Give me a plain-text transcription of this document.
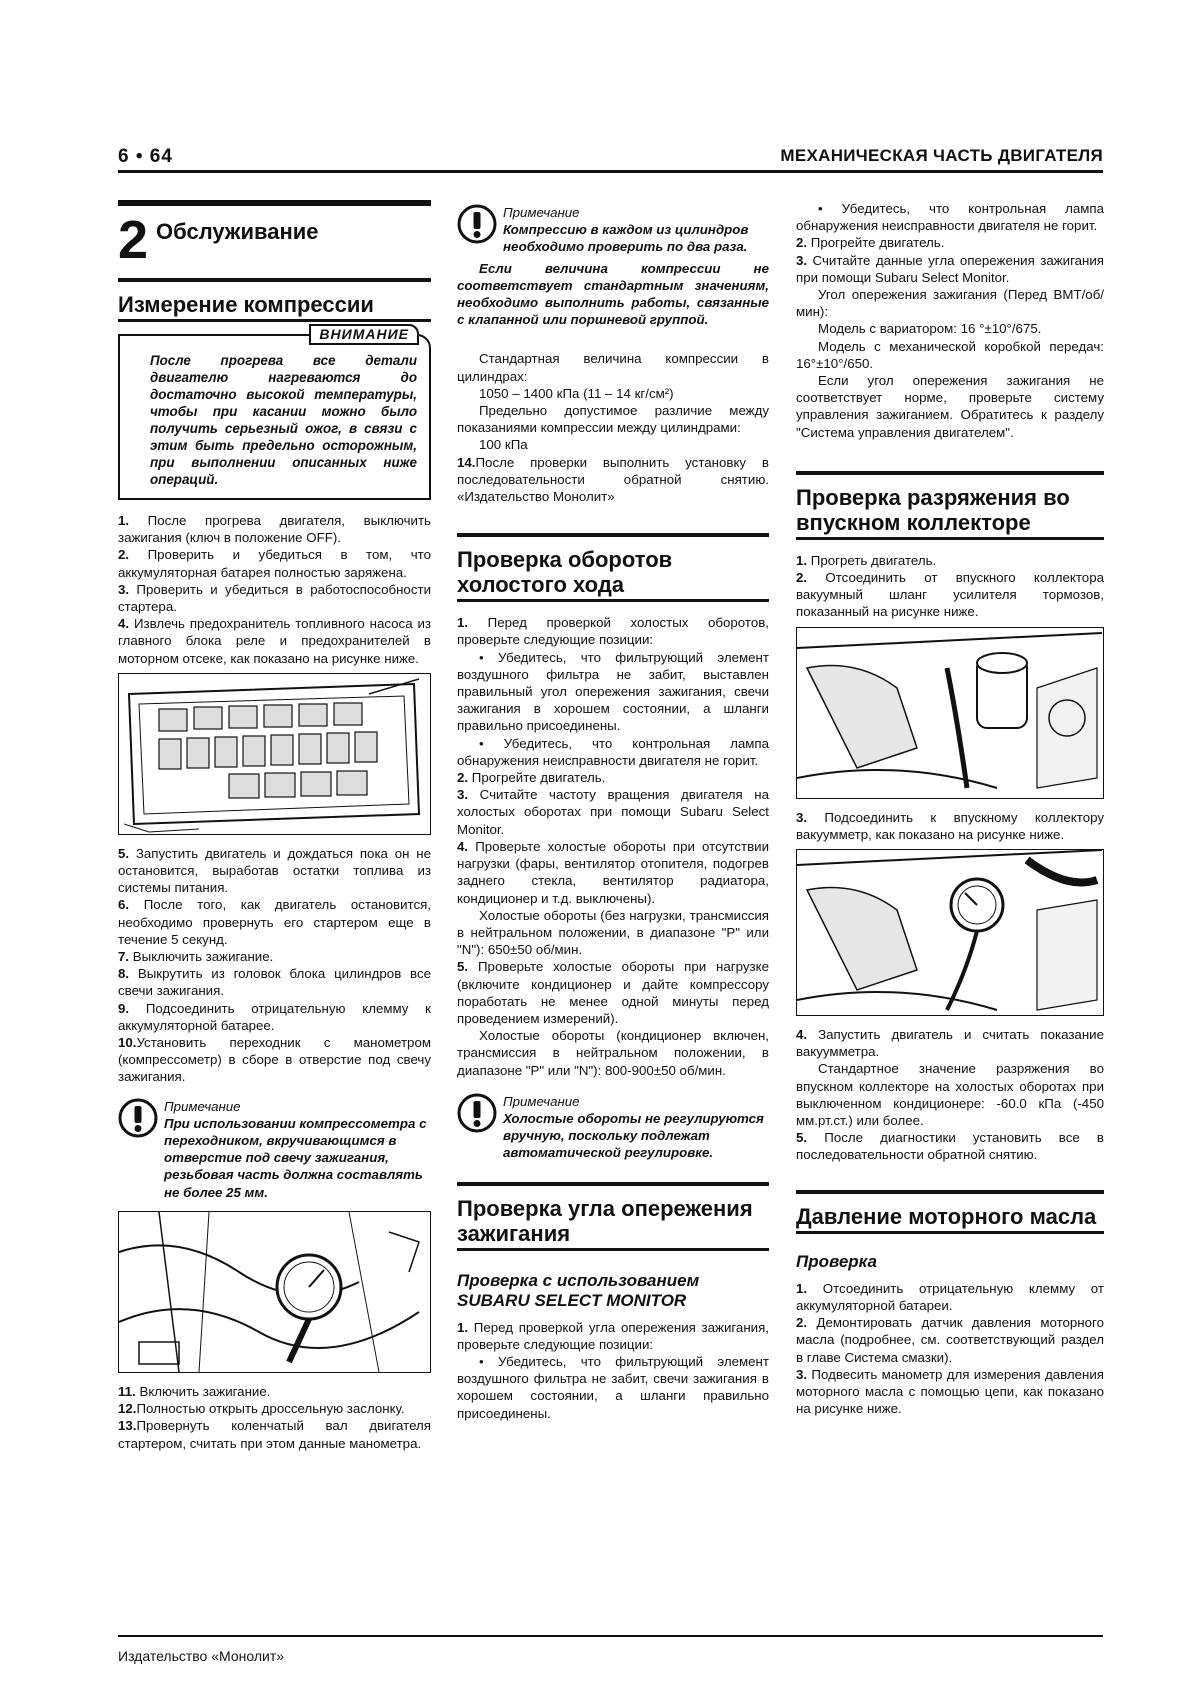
6 • 64	МЕХАНИЧЕСКАЯ ЧАСТЬ ДВИГАТЕЛЯ
2 Обслуживание
Измерение компрессии
ВНИМАНИЕ

После прогрева все детали двигателю нагреваются до достаточно высокой температуры, чтобы при касании можно было получить серьезный ожог, в связи с этим быть предельно осторожным, при выполнении описанных ниже операций.

1. После прогрева двигателя, выключить зажигания (ключ в положение OFF).

2. Проверить и убедиться в том, что аккумуляторная батарея полностью заряжена.

3. Проверить и убедиться в работоспособности стартера.

4. Извлечь предохранитель топливного насоса из главного блока реле и предохранителей в моторном отсеке, как показано на рисунке ниже.

5. Запустить двигатель и дождаться пока он не остановится, выработав остатки топлива из системы питания.

6. После того, как двигатель остановится, необходимо провернуть его стартером еще в течение 5 секунд.

7. Выключить зажигание.

8. Выкрутить из головок блока цилиндров все свечи зажигания.

9. Подсоединить отрицательную клемму к аккумуляторной батарее.

10.Установить переходник с манометром (компрессометр) в сборе в отверстие под свечу зажигания.

Примечание
При использовании компрессометра с переходником, вкручивающимся в отверстие под свечу зажигания, резьбовая часть должна составлять не более 25 мм.

11. Включить зажигание.

12.Полностью открыть дроссельную заслонку.

13.Провернуть коленчатый вал двигателя стартером, считать при этом данные манометра.

Примечание
Компрессию в каждом из цилиндров необходимо проверить по два раза.

Если величина компрессии не соответствует стандартным значениям, необходимо выполнить работы, связанные с клапанной или поршневой группой.

Стандартная величина компрессии в цилиндрах:

1050 – 1400 кПа (11 – 14 кг/см²)

Предельно допустимое различие между показаниями компрессии между цилиндрами:

100 кПа

14.После проверки выполнить установку в последовательности обратной снятию. «Издательство Монолит»

Проверка оборотов холостого хода

1. Перед проверкой холостых оборотов, проверьте следующие позиции:

• Убедитесь, что фильтрующий элемент воздушного фильтра не забит, выставлен правильный угол опережения зажигания, свечи зажигания в хорошем состоянии, а шланги правильно присоединены.

• Убедитесь, что контрольная лампа обнаружения неисправности двигателя не горит.

2. Прогрейте двигатель.

3. Считайте частоту вращения двигателя на холостых оборотах при помощи Subaru Select Monitor.

4. Проверьте холостые обороты при отсутствии нагрузки (фары, вентилятор отопителя, подогрев заднего стекла, вентилятор радиатора, кондиционер и т.д. выключены).

Холостые обороты (без нагрузки, трансмиссия в нейтральном положении, в диапазоне "P" или "N"): 650±50 об/мин.

5. Проверьте холостые обороты при нагрузке (включите кондиционер и дайте компрессору поработать не менее одной минуты перед проведением измерений).

Холостые обороты (кондиционер включен, трансмиссия в нейтральном положении, в диапазоне "P" или "N"): 800-900±50 об/мин.

Примечание
Холостые обороты не регулируются вручную, поскольку подлежат автоматической регулировке.
Проверка угла опережения зажигания
Проверка с использованием SUBARU SELECT MONITOR

1. Перед проверкой угла опережения зажигания, проверьте следующие позиции:

• Убедитесь, что фильтрующий элемент воздушного фильтра не забит, свечи зажигания в хорошем состоянии, а шланги правильно присоединены.

• Убедитесь, что контрольная лампа обнаружения неисправности двигателя не горит.

2. Прогрейте двигатель.

3. Считайте данные угла опережения зажигания при помощи Subaru Select Monitor.

Угол опережения зажигания (Перед ВМТ/об/мин):

Модель с вариатором: 16 °±10°/675.

Модель с механической коробкой передач: 16°±10°/650.

Если угол опережения зажигания не соответствует норме, проверьте систему управления зажиганием. Обратитесь к разделу "Система управления двигателем".

Проверка разряжения во впускном коллекторе

1. Прогреть двигатель.

2. Отсоединить от впускного коллектора вакуумный шланг усилителя тормозов, показанный на рисунке ниже.

3. Подсоединить к впускному коллектору вакуумметр, как показано на рисунке ниже.

4. Запустить двигатель и считать показание вакуумметра.

Стандартное значение разряжения во впускном коллекторе на холостых оборотах при выключенном кондиционере: -60.0 кПа (-450 мм.рт.ст.) или более.

5. После диагностики установить все в последовательности обратной снятию.

Давление моторного масла
Проверка

1. Отсоединить отрицательную клемму от аккумуляторной батареи.

2. Демонтировать датчик давления моторного масла (подробнее, см. соответствующий раздел в главе Система смазки).

3. Подвесить манометр для измерения давления моторного масла с помощью цепи, как показано на рисунке ниже.

Издательство «Монолит»
